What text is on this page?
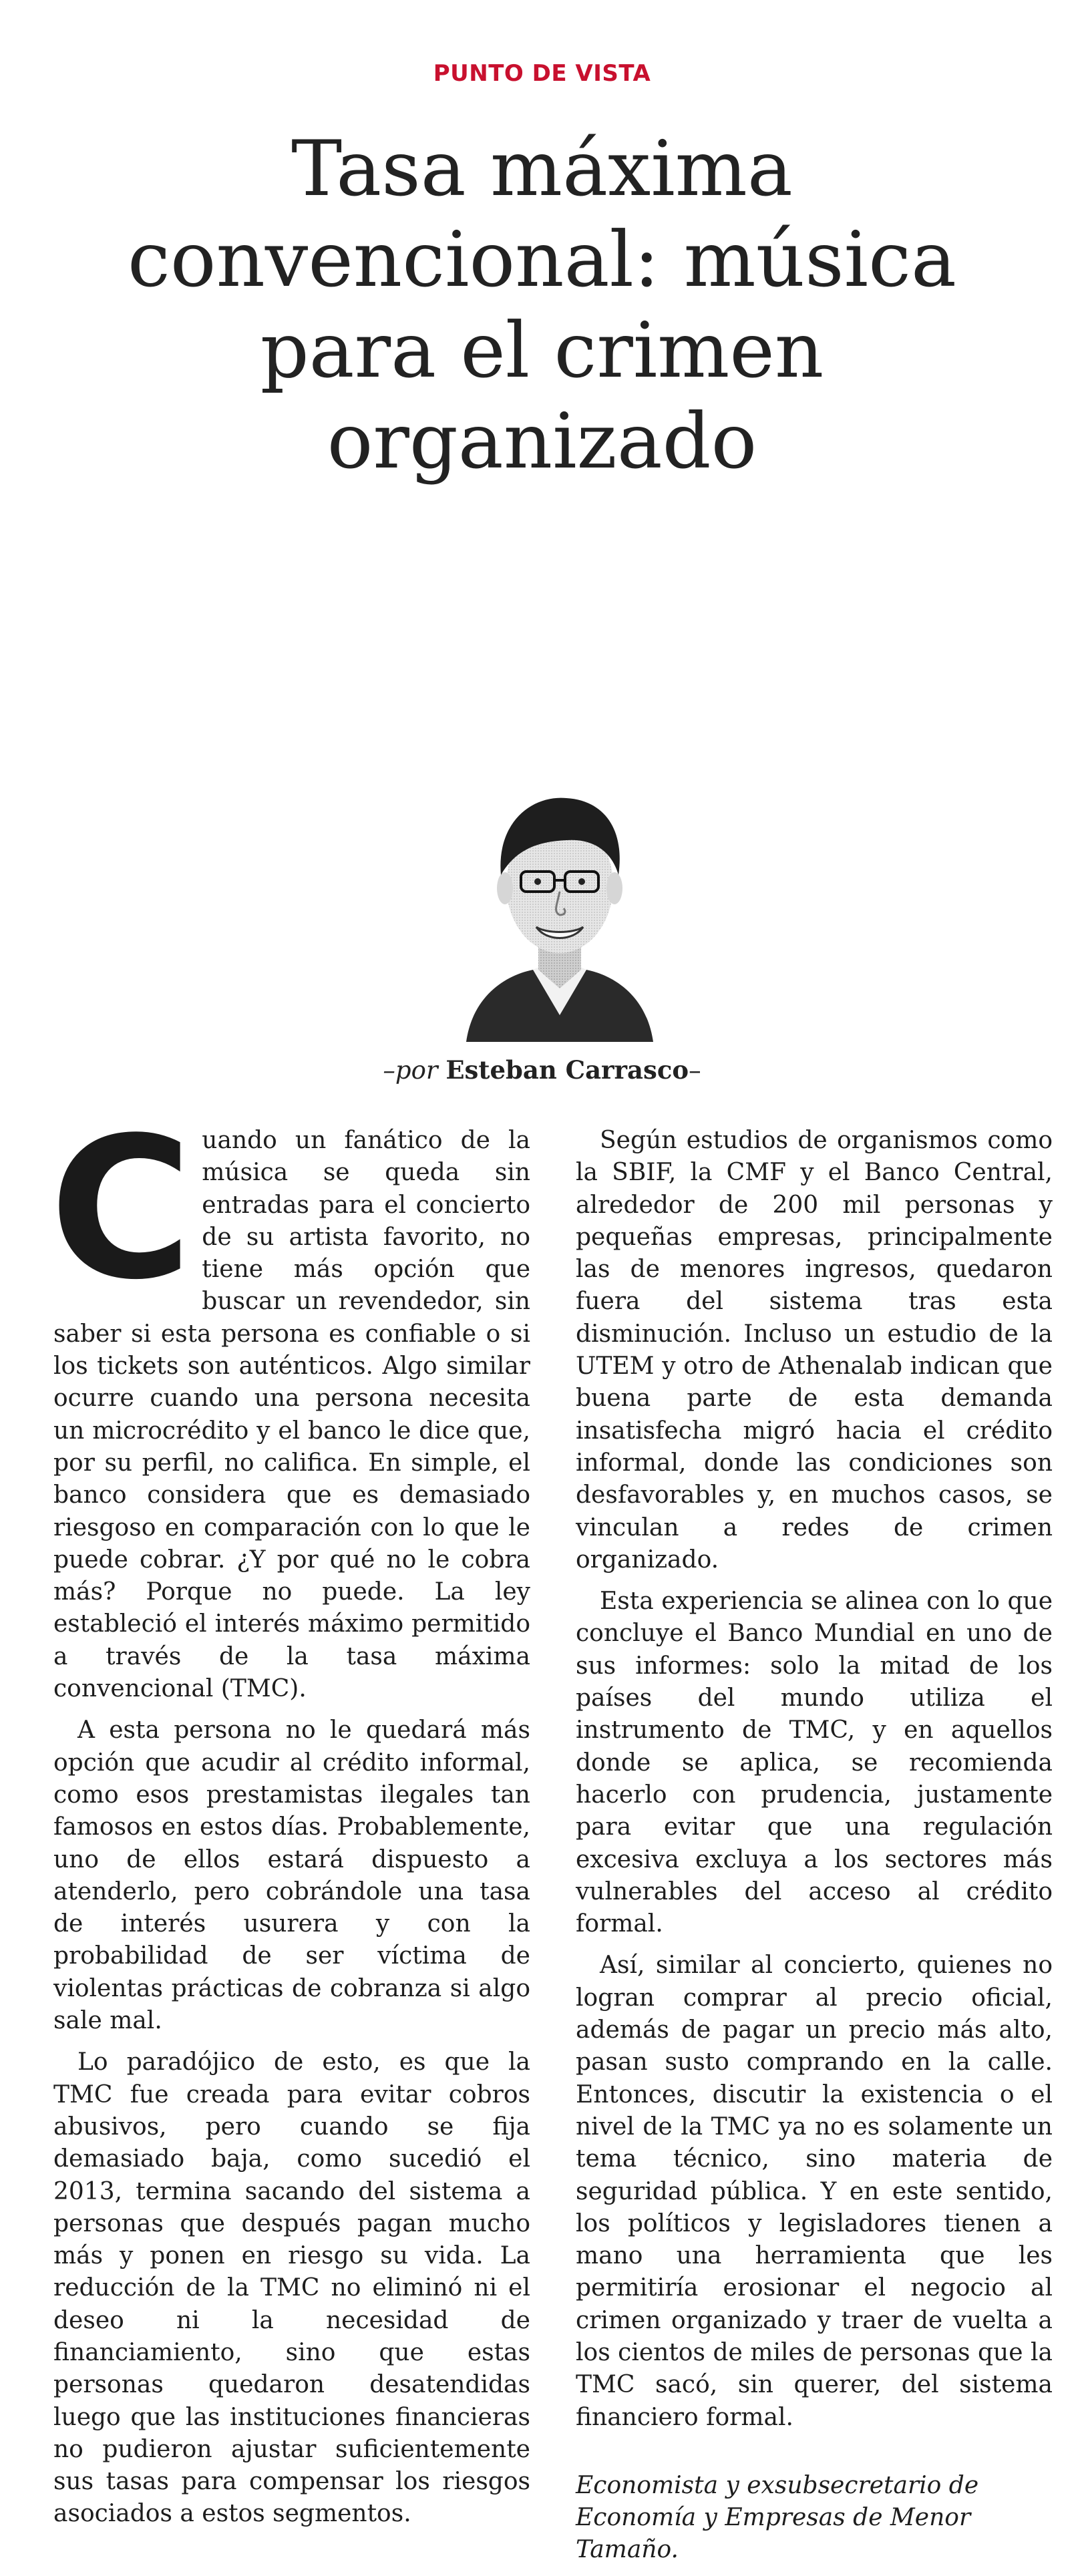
PUNTO DE VISTA
Tasa máxima convencional: música para el crimen organizado
–por Esteban Carrasco–

Cuando un fanático de la música se queda sin entradas para el concierto de su artista favorito, no tiene más opción que buscar un revendedor, sin saber si esta persona es confiable o si los tickets son auténticos. Algo similar ocurre cuando una persona necesita un microcrédito y el banco le dice que, por su perfil, no califica. En simple, el banco considera que es demasiado riesgoso en comparación con lo que le puede cobrar. ¿Y por qué no le cobra más? Porque no puede. La ley estableció el interés máximo permitido a través de la tasa máxima convencional (TMC).

A esta persona no le quedará más opción que acudir al crédito informal, como esos prestamistas ilegales tan famosos en estos días. Probablemente, uno de ellos estará dispuesto a atenderlo, pero cobrándole una tasa de interés usurera y con la probabilidad de ser víctima de violentas prácticas de cobranza si algo sale mal.

Lo paradójico de esto, es que la TMC fue creada para evitar cobros abusivos, pero cuando se fija demasiado baja, como sucedió el 2013, termina sacando del sistema a personas que después pagan mucho más y ponen en riesgo su vida. La reducción de la TMC no eliminó ni el deseo ni la necesidad de financiamiento, sino que estas personas quedaron desatendidas luego que las instituciones financieras no pudieron ajustar suficientemente sus tasas para compensar los riesgos asociados a estos segmentos.

Según estudios de organismos como la SBIF, la CMF y el Banco Central, alrededor de 200 mil personas y pequeñas empresas, principalmente las de menores ingresos, quedaron fuera del sistema tras esta disminución. Incluso un estudio de la UTEM y otro de Athenalab indican que buena parte de esta demanda insatisfecha migró hacia el crédito informal, donde las condiciones son desfavorables y, en muchos casos, se vinculan a redes de crimen organizado.

Esta experiencia se alinea con lo que concluye el Banco Mundial en uno de sus informes: solo la mitad de los países del mundo utiliza el instrumento de TMC, y en aquellos donde se aplica, se recomienda hacerlo con prudencia, justamente para evitar que una regulación excesiva excluya a los sectores más vulnerables del acceso al crédito formal.

Así, similar al concierto, quienes no logran comprar al precio oficial, además de pagar un precio más alto, pasan susto comprando en la calle. Entonces, discutir la existencia o el nivel de la TMC ya no es solamente un tema técnico, sino materia de seguridad pública. Y en este sentido, los políticos y legisladores tienen a mano una herramienta que les permitiría erosionar el negocio al crimen organizado y traer de vuelta a los cientos de miles de personas que la TMC sacó, sin querer, del sistema financiero formal.

Economista y exsubsecretario de Economía y Empresas de Menor Tamaño.
